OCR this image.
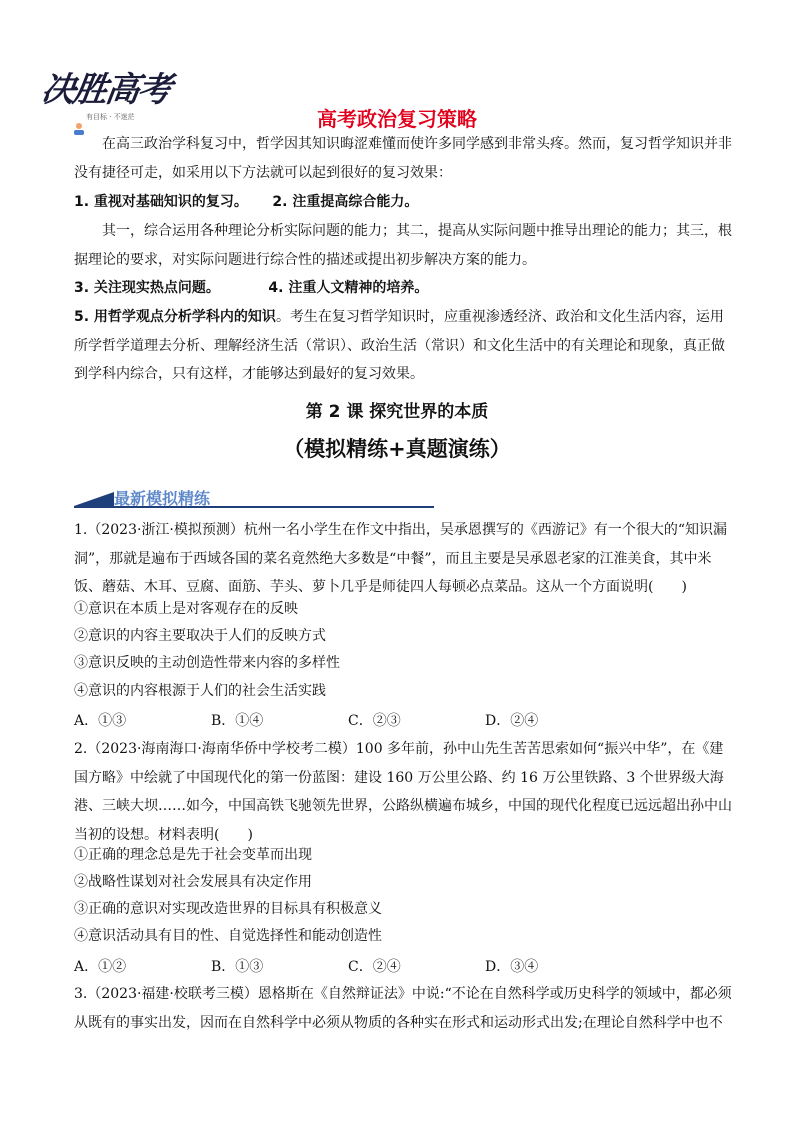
决胜高考
有目标 · 不迷茫	高考政治复习策略
在高三政治学科复习中，哲学因其知识晦涩难懂而使许多同学感到非常头疼。然而，复习哲学知识并非没有捷径可走，如采用以下方法就可以起到很好的复习效果：
1. 重视对基础知识的复习。 2. 注重提高综合能力。
其一，综合运用各种理论分析实际问题的能力；其二，提高从实际问题中推导出理论的能力；其三，根据理论的要求，对实际问题进行综合性的描述或提出初步解决方案的能力。
3. 关注现实热点问题。	4. 注重人文精神的培养。
5. 用哲学观点分析学科内的知识。考生在复习哲学知识时，应重视渗透经济、政治和文化生活内容，运用所学哲学道理去分析、理解经济生活（常识）、政治生活（常识）和文化生活中的有关理论和现象，真正做到学科内综合，只有这样，才能够达到最好的复习效果。
第 2 课 探究世界的本质
（模拟精练+真题演练）
最新模拟精练
1.（2023·浙江·模拟预测）杭州一名小学生在作文中指出，吴承恩撰写的《西游记》有一个很大的“知识漏洞”，那就是遍布于西域各国的菜名竟然绝大多数是“中餐”，而且主要是吴承恩老家的江淮美食，其中米饭、蘑菇、木耳、豆腐、面筋、芋头、萝卜几乎是师徒四人每顿必点菜品。这从一个方面说明(　　)
①意识在本质上是对客观存在的反映
②意识的内容主要取决于人们的反映方式
③意识反映的主动创造性带来内容的多样性
④意识的内容根源于人们的社会生活实践
A．①③	B．①④	C．②③	D．②④
2.（2023·海南海口·海南华侨中学校考二模）100 多年前，孙中山先生苦苦思索如何“振兴中华”，在《建国方略》中绘就了中国现代化的第一份蓝图：建设 160 万公里公路、约 16 万公里铁路、3 个世界级大海港、三峡大坝……如今，中国高铁飞驰领先世界，公路纵横遍布城乡，中国的现代化程度已远远超出孙中山当初的设想。材料表明(　　)
①正确的理念总是先于社会变革而出现
②战略性谋划对社会发展具有决定作用
③正确的意识对实现改造世界的目标具有积极意义
④意识活动具有目的性、自觉选择性和能动创造性
A．①②	B．①③	C．②④	D．③④
3.（2023·福建·校联考三模）恩格斯在《自然辩证法》中说:“不论在自然科学或历史科学的领域中，都必须从既有的事实出发，因而在自然科学中必须从物质的各种实在形式和运动形式出发;在理论自然科学中也不
